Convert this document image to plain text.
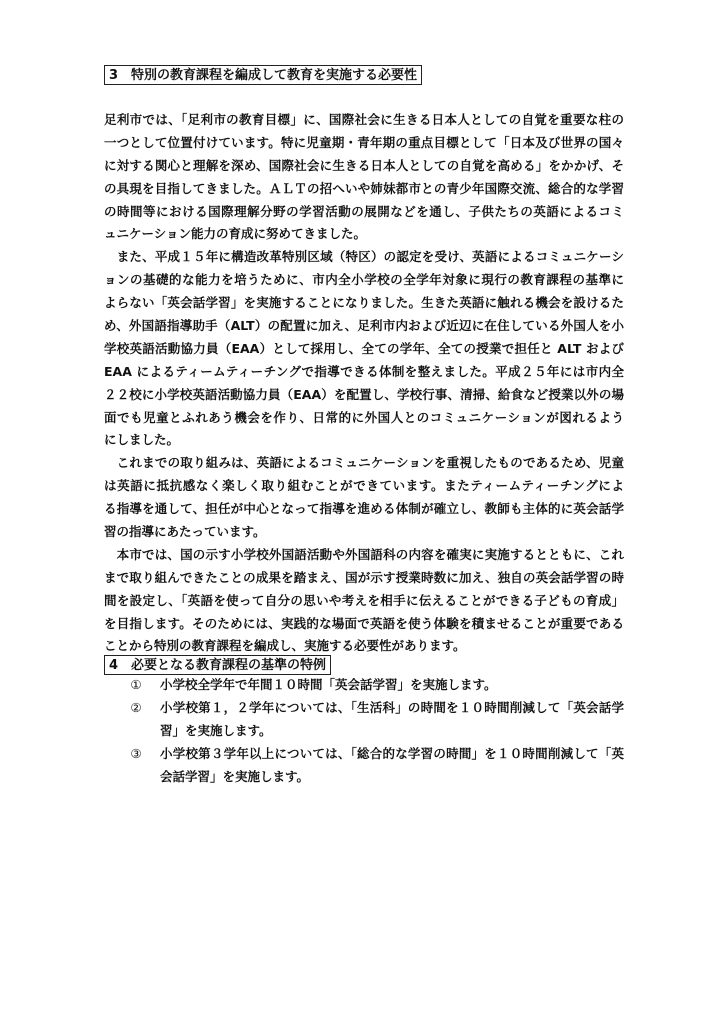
3　特別の教育課程を編成して教育を実施する必要性
足利市では、「足利市の教育目標」に、国際社会に生きる日本人としての自覚を重要な柱の
一つとして位置付けています。特に児童期・青年期の重点目標として「日本及び世界の国々
に対する関心と理解を深め、国際社会に生きる日本人としての自覚を高める」をかかげ、そ
の具現を目指してきました。ＡＬＴの招へいや姉妹都市との青少年国際交流、総合的な学習
の時間等における国際理解分野の学習活動の展開などを通し、子供たちの英語によるコミ
ュニケーション能力の育成に努めてきました。
　また、平成１５年に構造改革特別区域（特区）の認定を受け、英語によるコミュニケーシ
ョンの基礎的な能力を培うために、市内全小学校の全学年対象に現行の教育課程の基準に
よらない「英会話学習」を実施することになりました。生きた英語に触れる機会を設けるた
め、外国語指導助手（ALT）の配置に加え、足利市内および近辺に在住している外国人を小
学校英語活動協力員（EAA）として採用し、全ての学年、全ての授業で担任と ALT および
EAA によるティームティーチングで指導できる体制を整えました。平成２５年には市内全
２２校に小学校英語活動協力員（EAA）を配置し、学校行事、清掃、給食など授業以外の場
面でも児童とふれあう機会を作り、日常的に外国人とのコミュニケーションが図れるよう
にしました。
　これまでの取り組みは、英語によるコミュニケーションを重視したものであるため、児童
は英語に抵抗感なく楽しく取り組むことができています。またティームティーチングによ
る指導を通して、担任が中心となって指導を進める体制が確立し、教師も主体的に英会話学
習の指導にあたっています。
　本市では、国の示す小学校外国語活動や外国語科の内容を確実に実施するとともに、これ
まで取り組んできたことの成果を踏まえ、国が示す授業時数に加え、独自の英会話学習の時
間を設定し、「英語を使って自分の思いや考えを相手に伝えることができる子どもの育成」
を目指します。そのためには、実践的な場面で英語を使う体験を積ませることが重要である
ことから特別の教育課程を編成し、実施する必要性があります。
4　必要となる教育課程の基準の特例
①	小学校全学年で年間１０時間「英会話学習」を実施します。
②	小学校第１，２学年については、「生活科」の時間を１０時間削減して「英会話学
習」を実施します。
③	小学校第３学年以上については、「総合的な学習の時間」を１０時間削減して「英
会話学習」を実施します。
